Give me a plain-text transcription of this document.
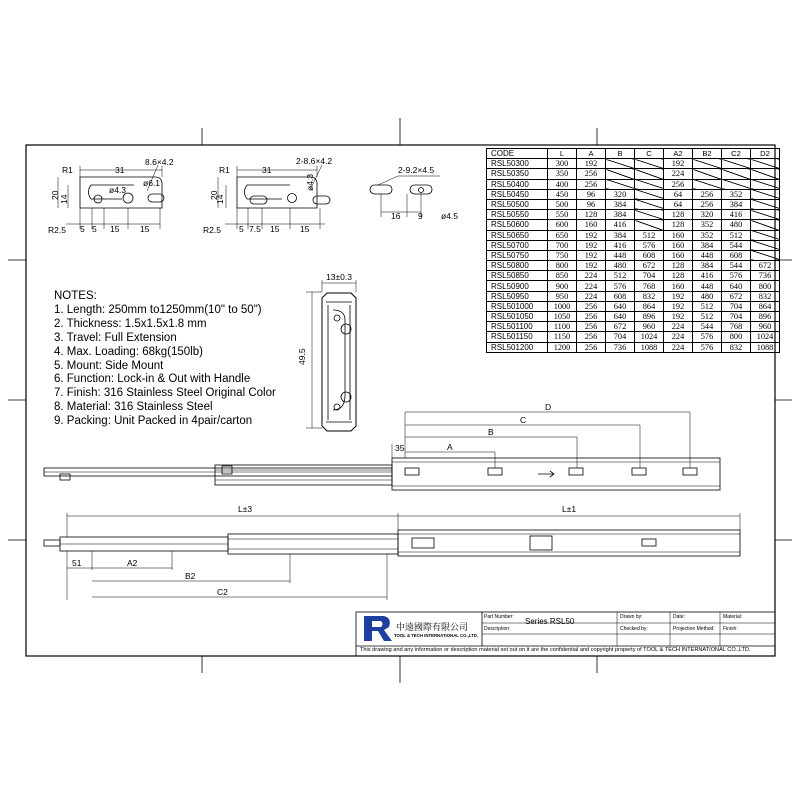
31
8.6×4.2
R1
20 14
ø4.3
ø6.1
R2.5 5 5 15 15
31
2-8.6×4.2
R1
20
14
ø4.3
R2.5 5 7.5 15 15
2-9.2×4.5
16 9 ø4.5
13±0.3
49.5
35	A
B
C
D
L±3	L±1
51	A2
B2
C2
NOTES:
1. Length: 250mm to1250mm(10" to 50")
2. Thickness: 1.5x1.5x1.8 mm
3. Travel: Full Extension
4. Max. Loading: 68kg(150lb)
5. Mount: Side Mount
6. Function: Lock-in & Out with Handle
7. Finish: 316 Stainless Steel Original Color
8. Material: 316 Stainless Steel
9. Packing: Unit Packed in 4pair/carton
CODE	L	A	B	C	A2	B2	C2	D2
RSL50300	300	192			192			
RSL50350	350	256			224			
RSL50400	400	256			256			
RSL50450	450	96	320		64	256	352	
RSL50500	500	96	384		64	256	384	
RSL50550	550	128	384		128	320	416	
RSL50600	600	160	416		128	352	480	
RSL50650	650	192	384	512	160	352	512	
RSL50700	700	192	416	576	160	384	544	
RSL50750	750	192	448	608	160	448	608	
RSL50800	800	192	480	672	128	384	544	672
RSL50850	850	224	512	704	128	416	576	736
RSL50900	900	224	576	768	160	448	640	800
RSL50950	950	224	608	832	192	480	672	832
RSL501000	1000	256	640	864	192	512	704	864
RSL501050	1050	256	640	896	192	512	704	896
RSL501100	1100	256	672	960	224	544	768	960
RSL501150	1150	256	704	1024	224	576	800	1024
RSL501200	1200	256	736	1088	224	576	832	1088
中遠國際有限公司
TOOL & TECH INTERNATIONAL CO.,LTD.
Part Number: Series RSL50
Description:
Drawn by:
Checked by:
Date:
Projection Method:
Material:
Finish:
This drawing and any information or description material set out on it are the confidential and copyright property of TOOL & TECH INTERNATIONAL CO.,LTD.
